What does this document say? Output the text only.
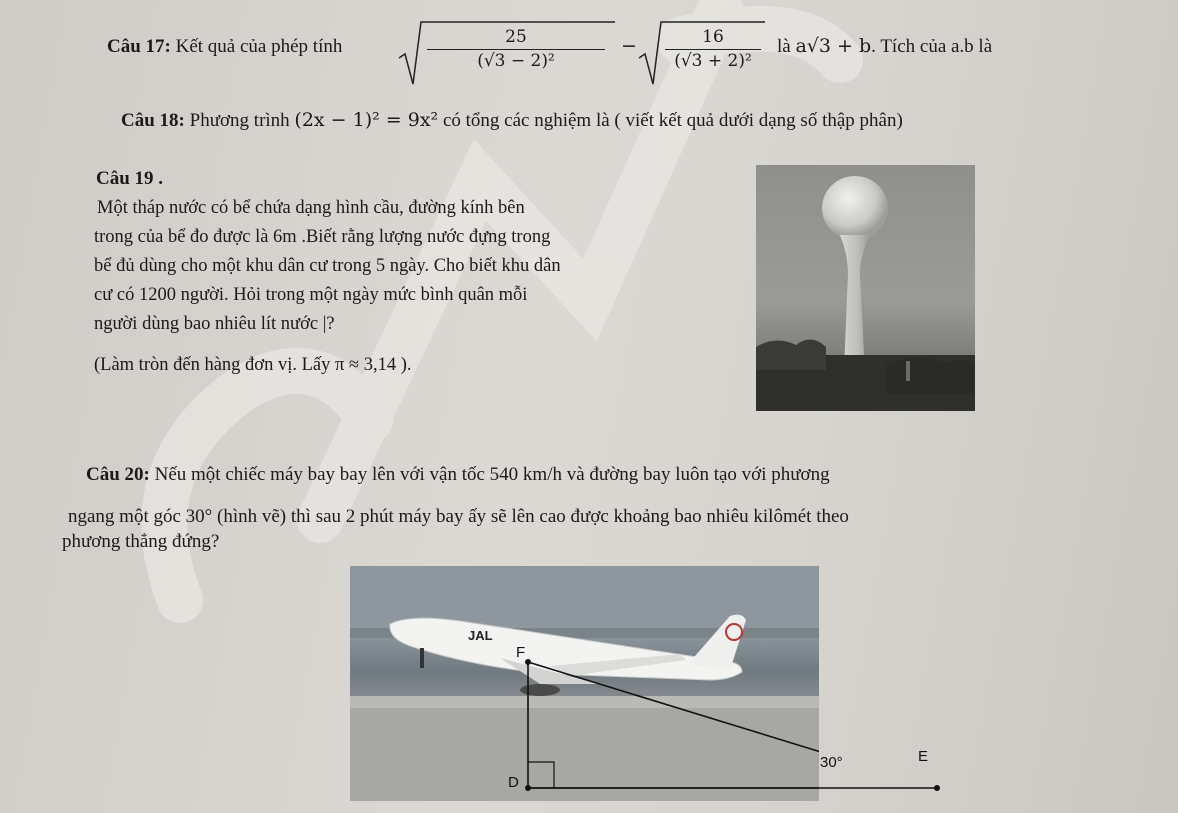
Câu 17: Kết quả của phép tính	$\frac{25}{\text{(√3 − 2)²}} - \frac{16}{\text{(√3 + 2)²}}$ là a√3 + b. Tích của a.b là
Câu 18: Phương trình (2x − 1)² = 9x² có tổng các nghiệm là ( viết kết quả dưới dạng số thập phân)
Câu 19 .
Một tháp nước có bể chứa dạng hình cầu, đường kính bên
trong của bể đo được là 6m .Biết rằng lượng nước đựng trong
bể đủ dùng cho một khu dân cư trong 5 ngày. Cho biết khu dân
cư có 1200 người. Hỏi trong một ngày mức bình quân mỗi
người dùng bao nhiêu lít nước |?
(Làm tròn đến hàng đơn vị. Lấy π ≈ 3,14 ).
Câu 20: Nếu một chiếc máy bay bay lên với vận tốc 540 km/h và đường bay luôn tạo với phương
ngang một góc 30° (hình vẽ) thì sau 2 phút máy bay ấy sẽ lên cao được khoảng bao nhiêu kilômét theo
phương thẳng đứng?
JAL
F
D
30°	E
